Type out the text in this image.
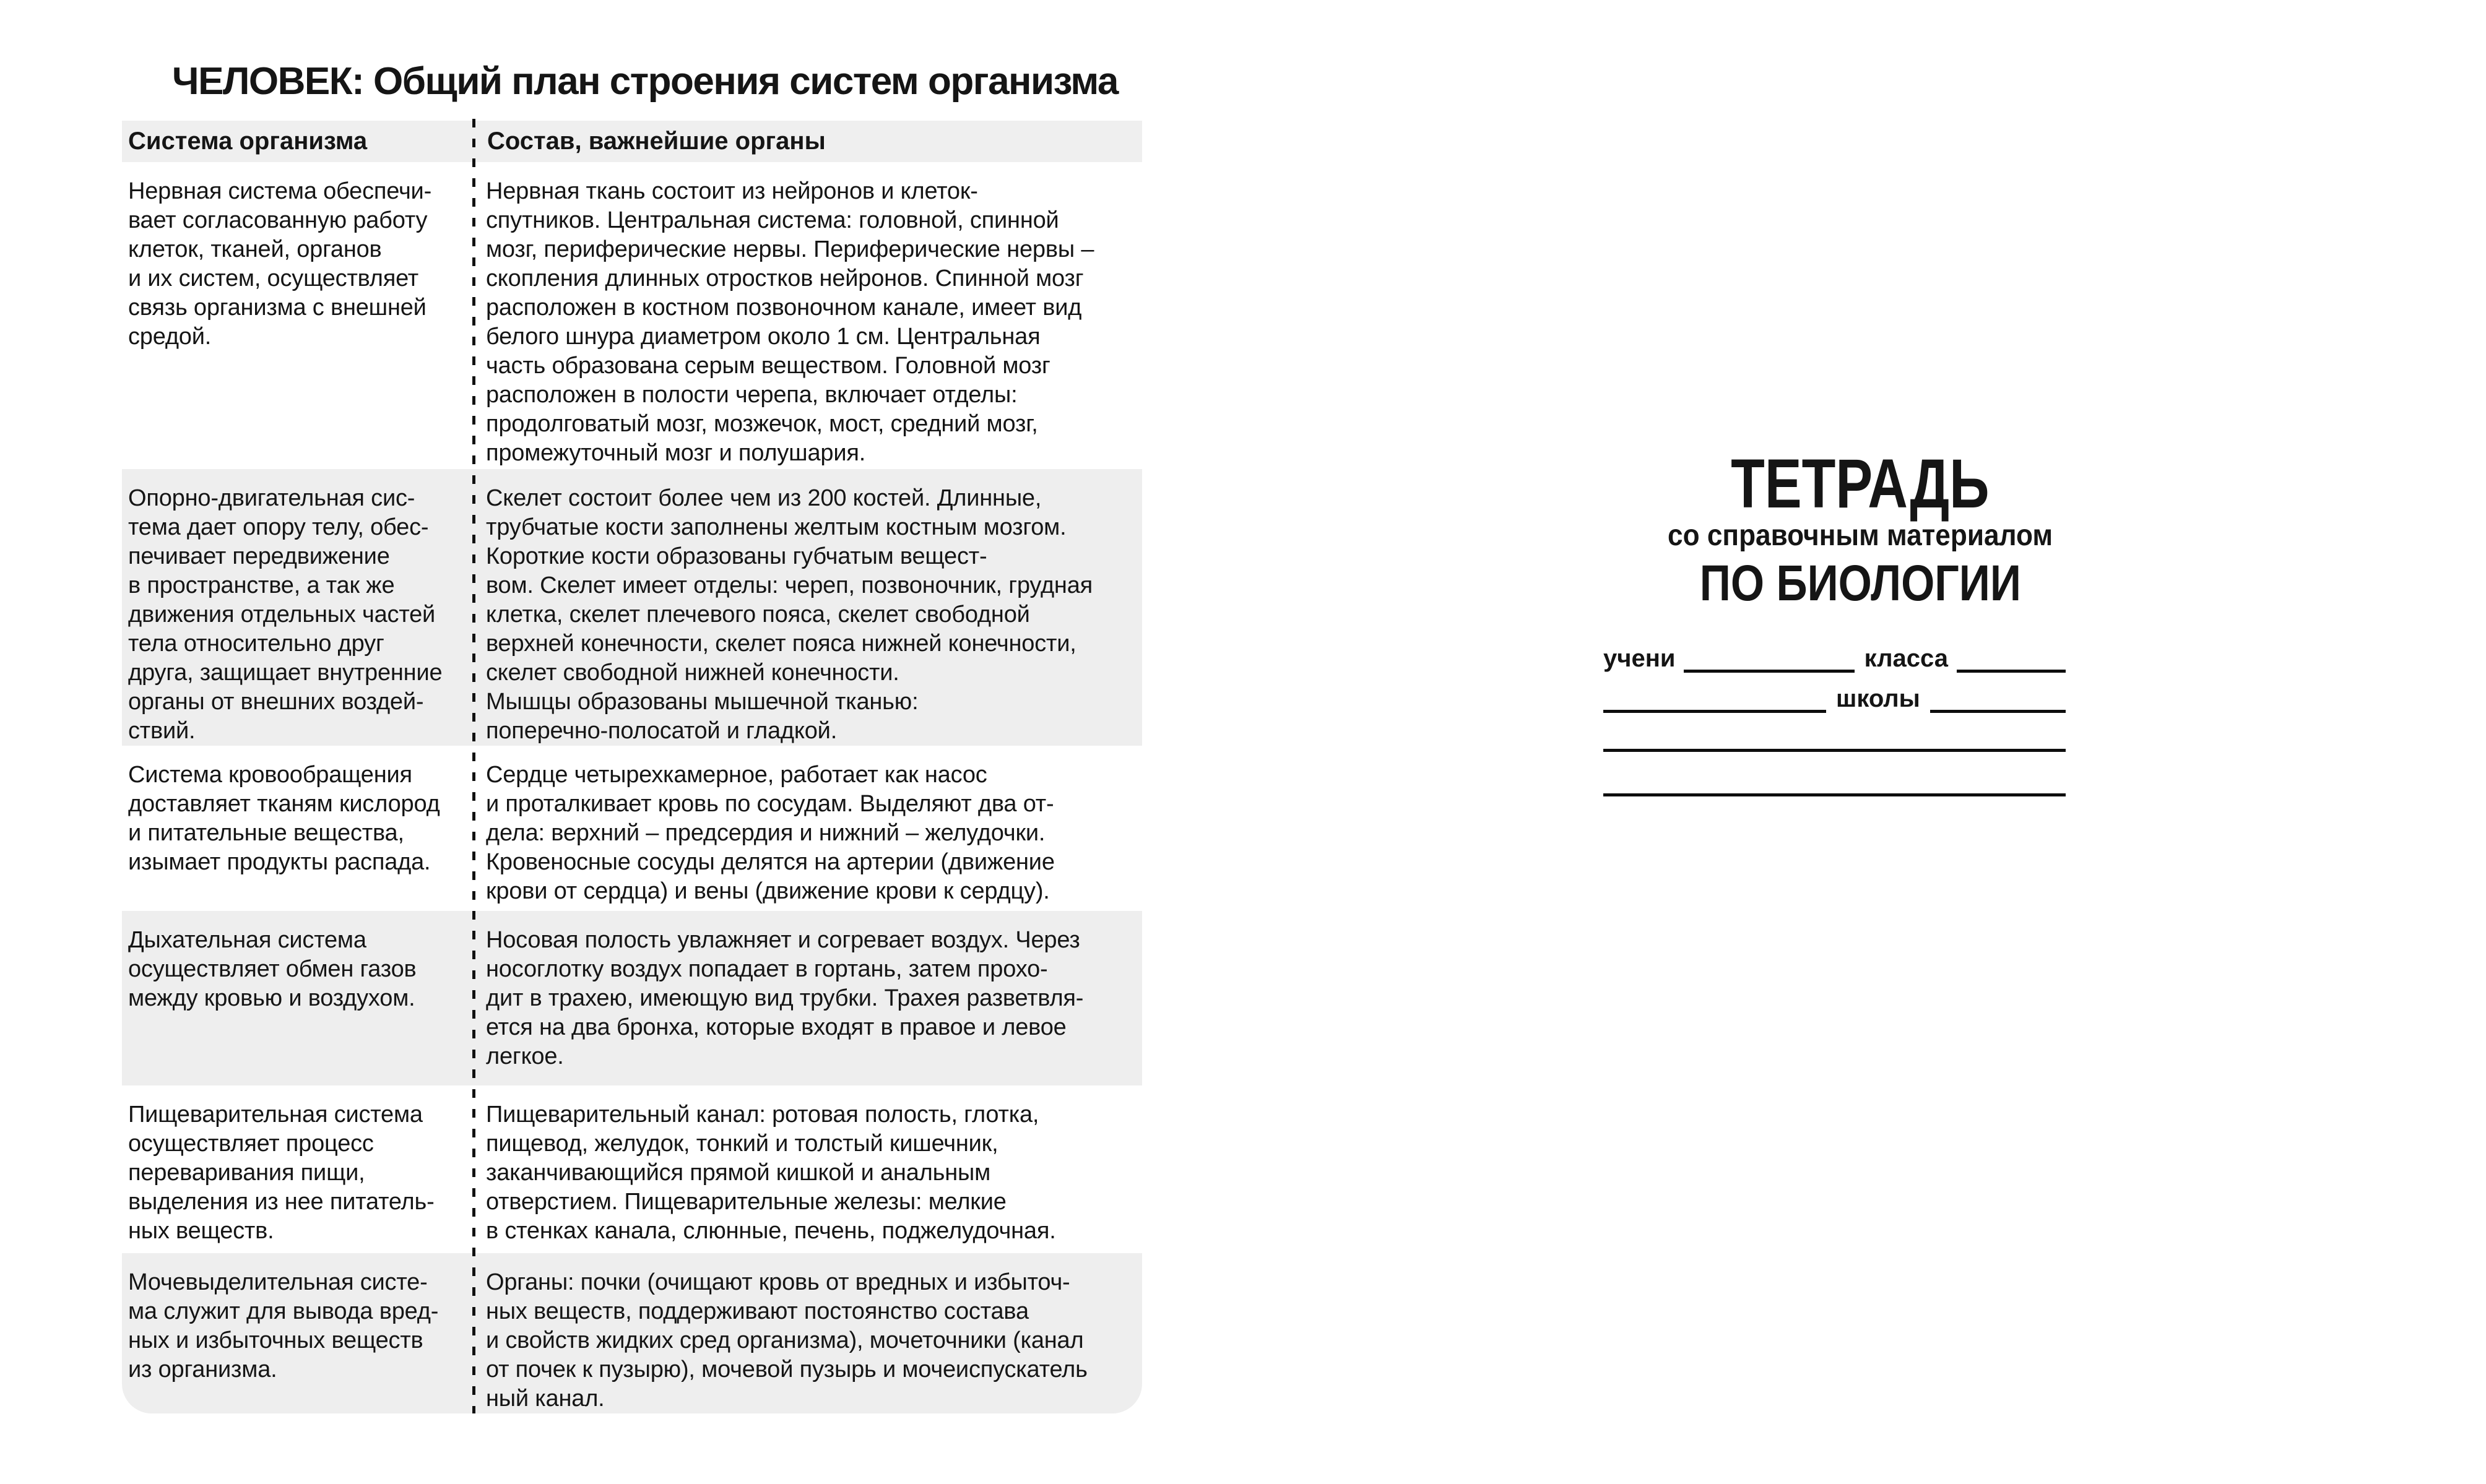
ЧЕЛОВЕК: Общий план строения систем организма
Система организма	Состав, важнейшие органы
Нервная система обеспечи-
вает согласованную работу
клеток, тканей, органов
и их систем, осуществляет
связь организма с внешней
средой.
Нервная ткань состоит из нейронов и клеток-
спутников. Центральная система: головной, спинной
мозг, периферические нервы. Периферические нервы –
скопления длинных отростков нейронов. Спинной мозг
расположен в костном позвоночном канале, имеет вид
белого шнура диаметром около 1 см. Центральная
часть образована серым веществом. Головной мозг
расположен в полости черепа, включает отделы:
продолговатый мозг, мозжечок, мост, средний мозг,
промежуточный мозг и полушария.
Опорно-двигательная сис-
тема дает опору телу, обес-
печивает передвижение
в пространстве, а так же
движения отдельных частей
тела относительно друг
друга, защищает внутренние
органы от внешних воздей-
ствий.
Скелет состоит более чем из 200 костей. Длинные,
трубчатые кости заполнены желтым костным мозгом.
Короткие кости образованы губчатым вещест-
вом. Скелет имеет отделы: череп, позвоночник, грудная
клетка, скелет плечевого пояса, скелет свободной
верхней конечности, скелет пояса нижней конечности,
скелет свободной нижней конечности.
Мышцы образованы мышечной тканью:
поперечно-полосатой и гладкой.
Система кровообращения
доставляет тканям кислород
и питательные вещества,
изымает продукты распада.
Сердце четырехкамерное, работает как насос
и проталкивает кровь по сосудам. Выделяют два от-
дела: верхний – предсердия и нижний – желудочки.
Кровеносные сосуды делятся на артерии (движение
крови от сердца) и вены (движение крови к сердцу).
Дыхательная система
осуществляет обмен газов
между кровью и воздухом.
Носовая полость увлажняет и согревает воздух. Через
носоглотку воздух попадает в гортань, затем прохо-
дит в трахею, имеющую вид трубки. Трахея разветвля-
ется на два бронха, которые входят в правое и левое
легкое.
Пищеварительная система
осуществляет процесс
переваривания пищи,
выделения из нее питатель-
ных веществ.
Пищеварительный канал: ротовая полость, глотка,
пищевод, желудок, тонкий и толстый кишечник,
заканчивающийся прямой кишкой и анальным
отверстием. Пищеварительные железы: мелкие
в стенках канала, слюнные, печень, поджелудочная.
Мочевыделительная систе-
ма служит для вывода вред-
ных и избыточных веществ
из организма.
Органы: почки (очищают кровь от вредных и избыточ-
ных веществ, поддерживают постоянство состава
и свойств жидких сред организма), мочеточники (канал
от почек к пузырю), мочевой пузырь и мочеиспускатель
ный канал.
ТЕТРАДЬ
со справочным материалом
ПО БИОЛОГИИ
учени	класса
школы
